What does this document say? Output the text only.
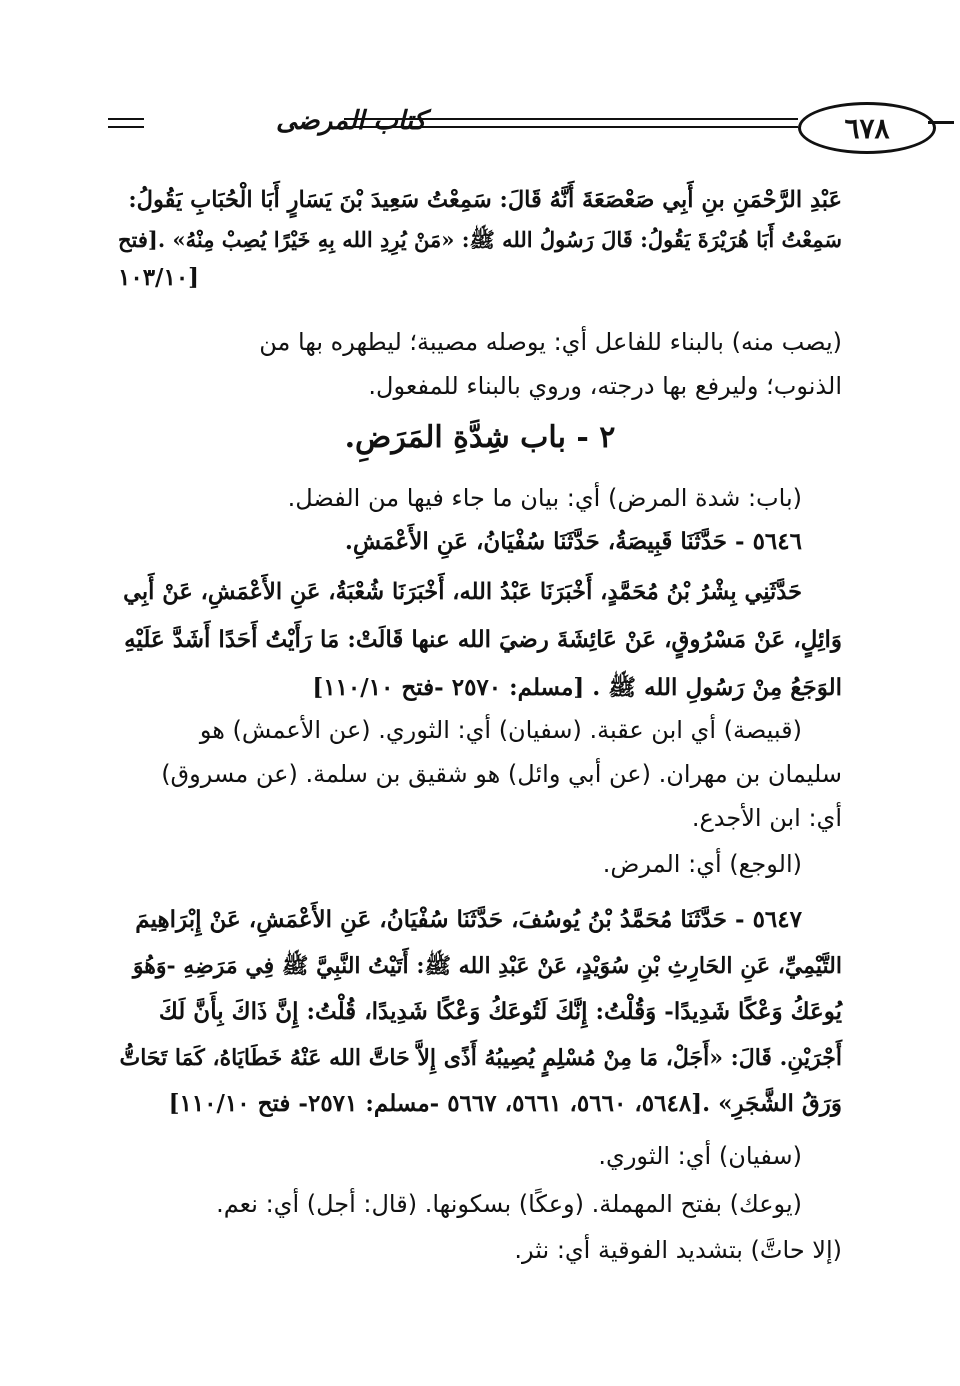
كتاب المرضى	٦٧٨
عَبْدِ الرَّحْمَنِ بنِ أَبِي صَعْصَعَةَ أَنَّهُ قَالَ: سَمِعْتُ سَعِيدَ بْنَ يَسَارٍ أَبَا الْحُبَابِ يَقُولُ:
سَمِعْتُ أَبَا هُرَيْرَةَ يَقُولُ: قَالَ رَسُولُ الله ﷺ: «مَنْ يُرِدِ الله بِهِ خَيْرًا يُصِبْ مِنْهُ» .[فتح
[١٠٣/١٠
(يصب منه) بالبناء للفاعل أي: يوصله مصيبة؛ ليطهره بها من
الذنوب؛ وليرفع بها درجته، وروي بالبناء للمفعول.
٢ - باب شِدَّةِ المَرَضِ.
(باب: شدة المرض) أي: بيان ما جاء فيها من الفضل.
٥٦٤٦ - حَدَّثَنَا قَبِيصَةُ، حَدَّثَنَا سُفْيَانُ، عَنِ الأَعْمَشِ.
حَدَّثَنِي بِشْرُ بْنُ مُحَمَّدٍ، أَخْبَرَنَا عَبْدُ الله، أَخْبَرَنَا شُعْبَةُ، عَنِ الأَعْمَشِ، عَنْ أَبِي
وَائِلٍ، عَنْ مَسْرُوقٍ، عَنْ عَائِشَةَ رضيَ الله عنها قَالَتْ: مَا رَأَيْتُ أَحَدًا أَشَدَّ عَلَيْهِ
الوَجَعُ مِنْ رَسُولِ الله ﷺ . [مسلم: ٢٥٧٠ -فتح ١١٠/١٠]
(قبيصة) أي ابن عقبة. (سفيان) أي: الثوري. (عن الأعمش) هو
سليمان بن مهران. (عن أبي وائل) هو شقيق بن سلمة. (عن مسروق)
أي: ابن الأجدع.
(الوجع) أي: المرض.
٥٦٤٧ - حَدَّثَنَا مُحَمَّدُ بْنُ يُوسُفَ، حَدَّثَنَا سُفْيَانُ، عَنِ الأَعْمَشِ، عَنْ إِبْرَاهِيمَ
التَّيْمِيِّ، عَنِ الحَارِثِ بْنِ سُوَيْدٍ، عَنْ عَبْدِ الله ﷺ: أَتَيْتُ النَّبِيَّ ﷺ فِي مَرَضِهِ -وَهُوَ
يُوعَكُ وَعْكًا شَدِيدًا- وَقُلْتُ: إِنَّكَ لَتُوعَكُ وَعْكًا شَدِيدًا، قُلْتُ: إِنَّ ذَاكَ بِأَنَّ لَكَ
أَجْرَيْنِ. قَالَ: «أَجَلْ، مَا مِنْ مُسْلِمٍ يُصِيبُهُ أَذًى إِلاَّ حَاتَّ الله عَنْهُ خَطَايَاهُ، كَمَا تَحَاتُّ
وَرَقُ الشَّجَرِ» .[٥٦٤٨، ٥٦٦٠، ٥٦٦١، ٥٦٦٧ -مسلم: ٢٥٧١- فتح ١١٠/١٠]
(سفيان) أي: الثوري.
(يوعك) بفتح المهملة. (وعكًا) بسكونها. (قال: أجل) أي: نعم.
(إلا حاتَّ) بتشديد الفوقية أي: نثر.
